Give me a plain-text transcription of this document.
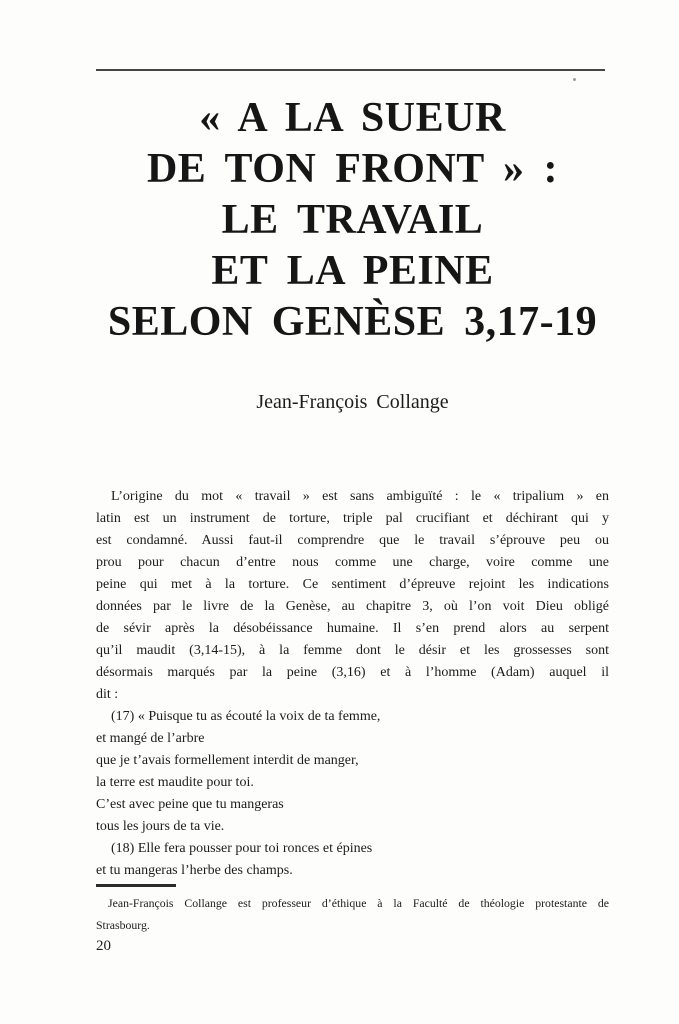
« A LA SUEUR
DE TON FRONT » :
LE TRAVAIL
ET LA PEINE
SELON GENÈSE 3,17-19
Jean-François Collange
L’origine du mot « travail » est sans ambiguïté : le « tripalium » en
latin est un instrument de torture, triple pal crucifiant et déchirant qui y
est condamné. Aussi faut-il comprendre que le travail s’éprouve peu ou
prou pour chacun d’entre nous comme une charge, voire comme une
peine qui met à la torture. Ce sentiment d’épreuve rejoint les indications
données par le livre de la Genèse, au chapitre 3, où l’on voit Dieu obligé
de sévir après la désobéissance humaine. Il s’en prend alors au serpent
qu’il maudit (3,14-15), à la femme dont le désir et les grossesses sont
désormais marqués par la peine (3,16) et à l’homme (Adam) auquel il
dit :
(17) « Puisque tu as écouté la voix de ta femme,
et mangé de l’arbre
que je t’avais formellement interdit de manger,
la terre est maudite pour toi.
C’est avec peine que tu mangeras
tous les jours de ta vie.
(18) Elle fera pousser pour toi ronces et épines
et tu mangeras l’herbe des champs.
Jean-François Collange est professeur d’éthique à la Faculté de théologie protestante de
Strasbourg.
20
